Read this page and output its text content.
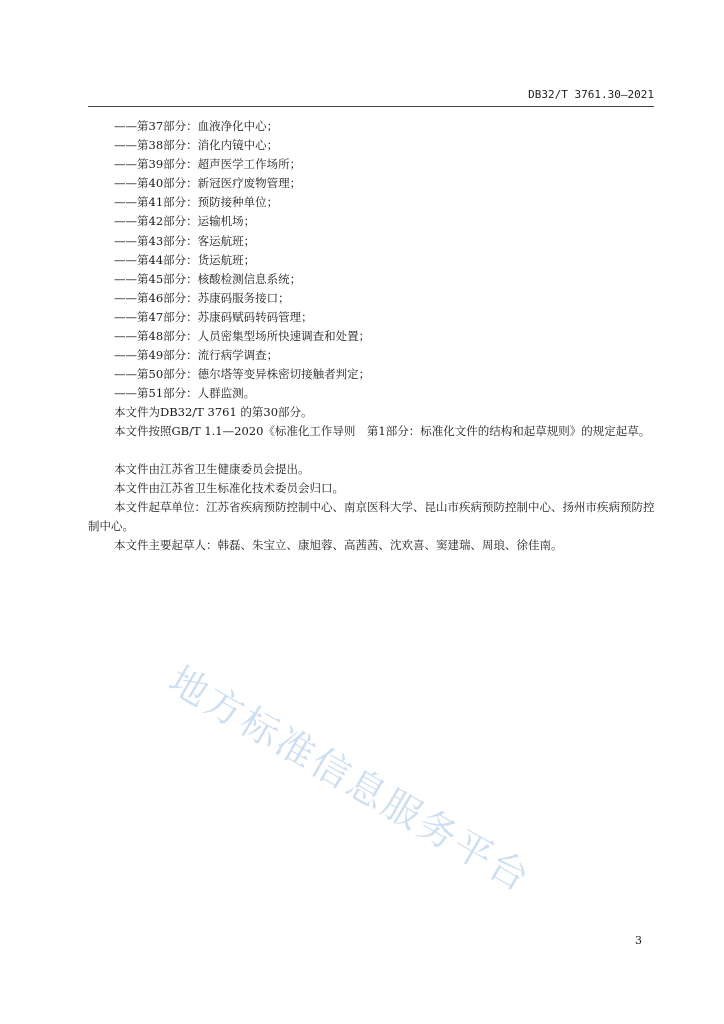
DB32/T 3761.30—2021
——第37部分：血液净化中心；
——第38部分：消化内镜中心；
——第39部分：超声医学工作场所；
——第40部分：新冠医疗废物管理；
——第41部分：预防接种单位；
——第42部分：运输机场；
——第43部分：客运航班；
——第44部分：货运航班；
——第45部分：核酸检测信息系统；
——第46部分：苏康码服务接口；
——第47部分：苏康码赋码转码管理；
——第48部分：人员密集型场所快速调查和处置；
——第49部分：流行病学调查；
——第50部分：德尔塔等变异株密切接触者判定；
——第51部分：人群监测。

本文件为DB32/T 3761 的第30部分。

本文件按照GB/T 1.1—2020《标准化工作导则　第1部分：标准化文件的结构和起草规则》的规定起草。

本文件由江苏省卫生健康委员会提出。

本文件由江苏省卫生标准化技术委员会归口。

本文件起草单位：江苏省疾病预防控制中心、南京医科大学、昆山市疾病预防控制中心、扬州市疾病预防控制中心。

本文件主要起草人：韩磊、朱宝立、康旭蓉、高茜茜、沈欢喜、窦建瑞、周琅、徐佳南。

地方标准信息服务平台
3
